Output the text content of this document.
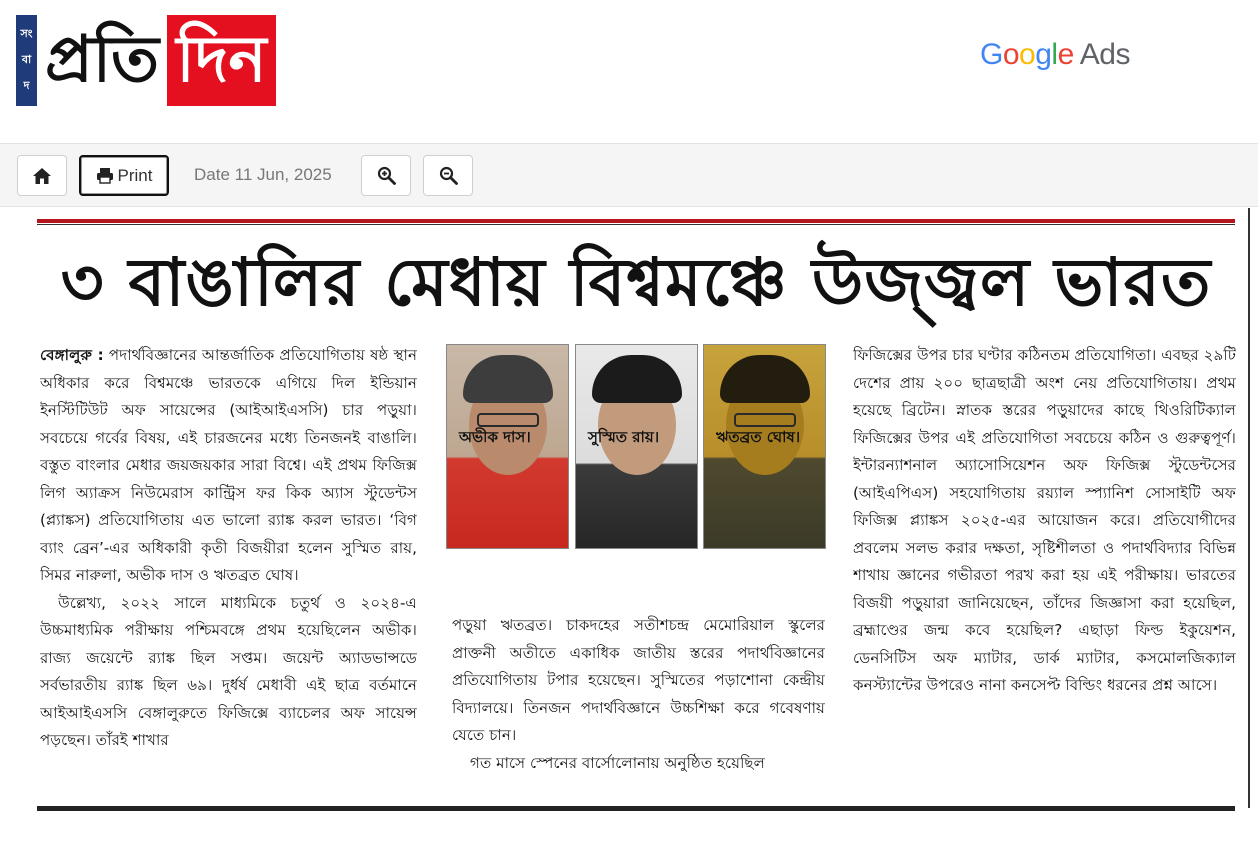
সং
বা
দ প্রতি দিন	Google Ads
Print Date 11 Jun, 2025
৩ বাঙালির মেধায় বিশ্বমঞ্চে উজ্জ্বল ভারত

বেঙ্গালুরু : পদার্থবিজ্ঞানের আন্তর্জাতিক প্রতিযোগিতায় ষষ্ঠ স্থান অধিকার করে বিশ্বমঞ্চে ভারতকে এগিয়ে দিল ইন্ডিয়ান ইনস্টিটিউট অফ সায়েন্সের (আইআইএসসি) চার পড়ুয়া। সবচেয়ে গর্বের বিষয়, এই চারজনের মধ্যে তিনজনই বাঙালি। বস্তুত বাংলার মেধার জয়জয়কার সারা বিশ্বে। এই প্রথম ফিজিক্স লিগ অ্যাক্রস নিউমেরাস কান্ট্রিস ফর কিক অ্যাস স্টুডেন্টস (প্ল্যাঙ্কস) প্রতিযোগিতায় এত ভালো র‌্যাঙ্ক করল ভারত। ‘বিগ ব্যাং ব্রেন’-এর অধিকারী কৃতী বিজয়ীরা হলেন সুস্মিত রায়, সিমর নারুলা, অভীক দাস ও ঋতব্রত ঘোষ।

উল্লেখ্য, ২০২২ সালে মাধ্যমিকে চতুর্থ ও ২০২৪-এ উচ্চমাধ্যমিক পরীক্ষায় পশ্চিমবঙ্গে প্রথম হয়েছিলেন অভীক। রাজ্য জয়েন্টে র‌্যাঙ্ক ছিল সপ্তম। জয়েন্ট অ্যাডভান্সডে সর্বভারতীয় র‌্যাঙ্ক ছিল ৬৯। দুর্ধর্ষ মেধাবী এই ছাত্র বর্তমানে আইআইএসসি বেঙ্গালুরুতে ফিজিক্সে ব্যাচেলর অফ সায়েন্স পড়ছেন। তাঁরই শাখার

অভীক দাস।	সুস্মিত রায়।	ঋতব্রত ঘোষ।

পড়ুয়া ঋতব্রত। চাকদহের সতীশচন্দ্র মেমোরিয়াল স্কুলের প্রাক্তনী অতীতে একাধিক জাতীয় স্তরের পদার্থবিজ্ঞানের প্রতিযোগিতায় টপার হয়েছেন। সুস্মিতের পড়াশোনা কেন্দ্রীয় বিদ্যালয়ে। তিনজন পদার্থবিজ্ঞানে উচ্চশিক্ষা করে গবেষণায় যেতে চান।

গত মাসে স্পেনের বার্সোলোনায় অনুষ্ঠিত হয়েছিল

ফিজিক্সের উপর চার ঘণ্টার কঠিনতম প্রতিযোগিতা। এবছর ২৯টি দেশের প্রায় ২০০ ছাত্রছাত্রী অংশ নেয় প্রতিযোগিতায়। প্রথম হয়েছে ব্রিটেন। স্নাতক স্তরের পড়ুয়াদের কাছে থিওরিটিক্যাল ফিজিক্সের উপর এই প্রতিযোগিতা সবচেয়ে কঠিন ও গুরুত্বপূর্ণ। ইন্টারন্যাশনাল অ্যাসোসিয়েশন অফ ফিজিক্স স্টুডেন্টসের (আইএপিএস) সহযোগিতায় রয়্যাল স্প্যানিশ সোসাইটি অফ ফিজিক্স প্ল্যাঙ্কস ২০২৫-এর আয়োজন করে। প্রতিযোগীদের প্রবলেম সলভ করার দক্ষতা, সৃষ্টিশীলতা ও পদার্থবিদ্যার বিভিন্ন শাখায় জ্ঞানের গভীরতা পরখ করা হয় এই পরীক্ষায়। ভারতের বিজয়ী পড়ুয়ারা জানিয়েছেন, তাঁদের জিজ্ঞাসা করা হয়েছিল, ব্রহ্মাণ্ডের জন্ম কবে হয়েছিল? এছাড়া ফিল্ড ইকুয়েশন, ডেনসিটিস অফ ম্যাটার, ডার্ক ম্যাটার, কসমোলজিক্যাল কনস্ট্যান্টের উপরেও নানা কনসেপ্ট বিল্ডিং ধরনের প্রশ্ন আসে।
